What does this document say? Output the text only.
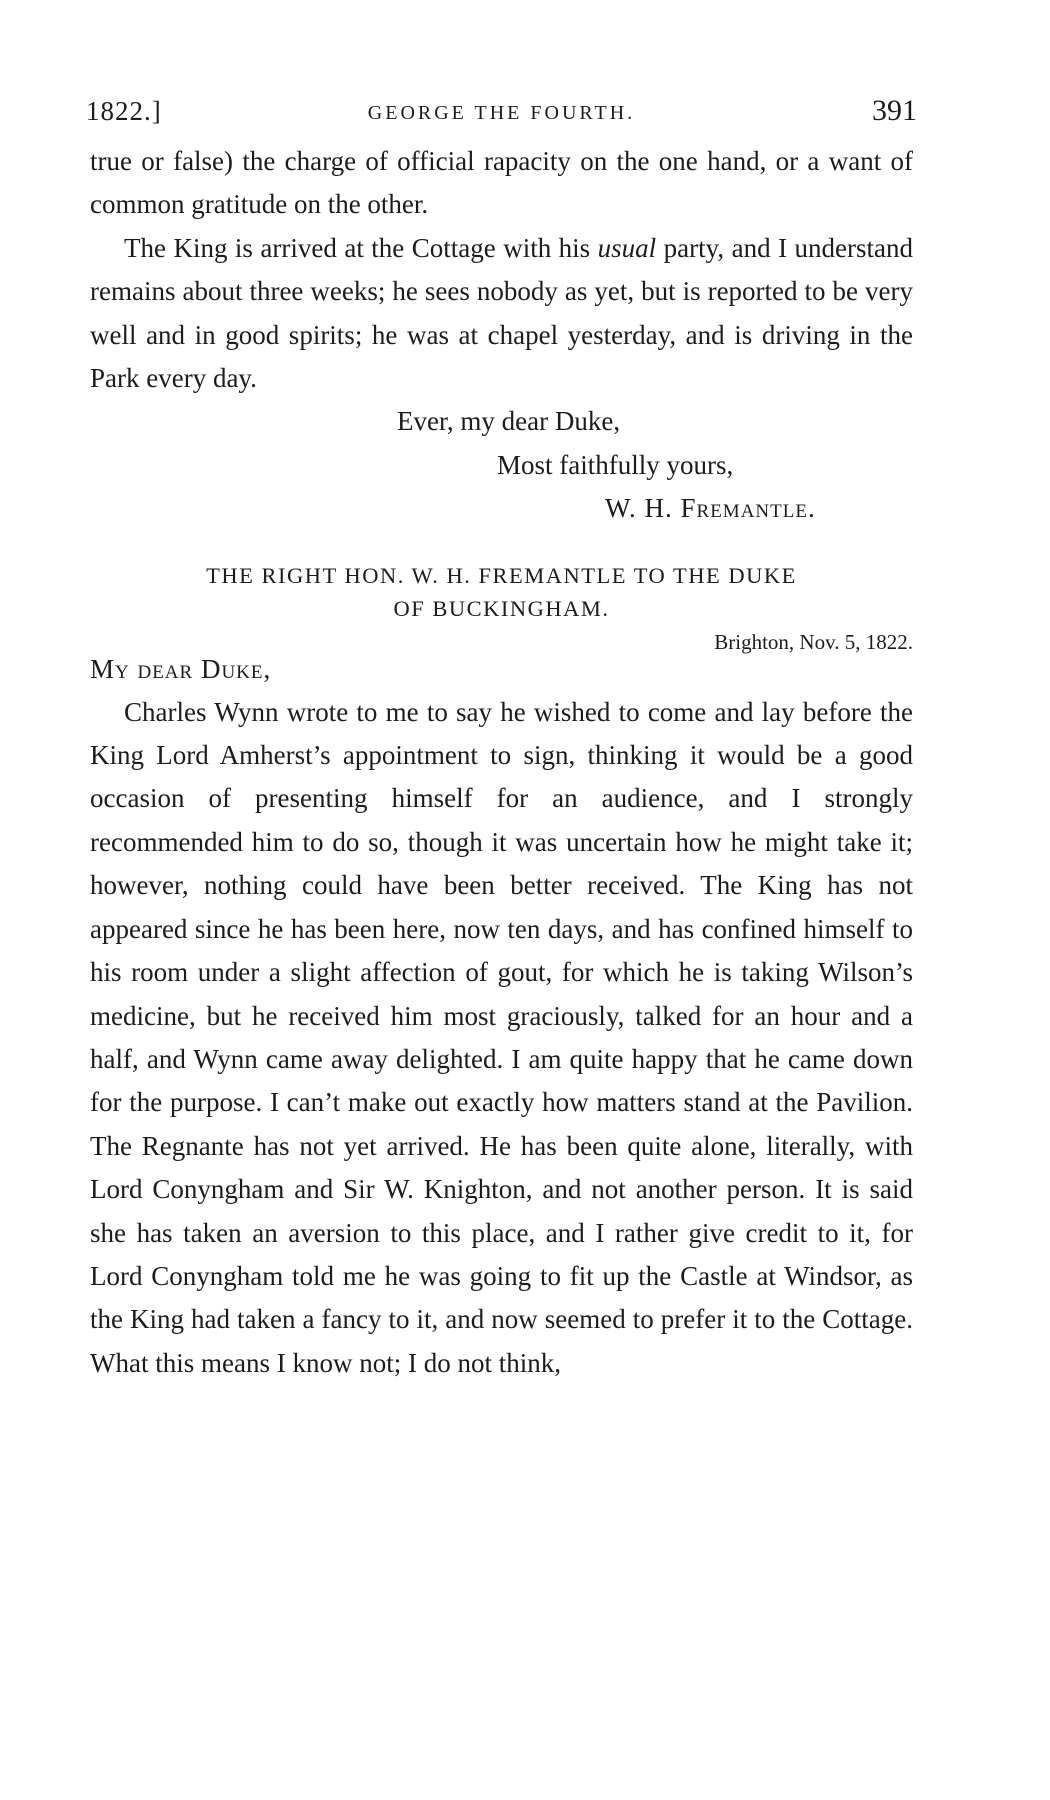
1822.]	GEORGE THE FOURTH.	391

true or false) the charge of official rapacity on the one hand, or a want of common gratitude on the other.

The King is arrived at the Cottage with his usual party, and I understand remains about three weeks; he sees nobody as yet, but is reported to be very well and in good spirits; he was at chapel yesterday, and is driving in the Park every day.

Ever, my dear Duke,

Most faithfully yours,

W. H. Fremantle.

THE RIGHT HON. W. H. FREMANTLE TO THE DUKE
OF BUCKINGHAM.
Brighton, Nov. 5, 1822.
My dear Duke,

Charles Wynn wrote to me to say he wished to come and lay before the King Lord Amherst’s appointment to sign, thinking it would be a good occasion of presenting himself for an audience, and I strongly recommended him to do so, though it was uncertain how he might take it; however, nothing could have been better received. The King has not appeared since he has been here, now ten days, and has confined himself to his room under a slight affection of gout, for which he is taking Wilson’s medicine, but he received him most graciously, talked for an hour and a half, and Wynn came away delighted. I am quite happy that he came down for the purpose. I can’t make out exactly how matters stand at the Pavilion. The Regnante has not yet arrived. He has been quite alone, literally, with Lord Conyngham and Sir W. Knighton, and not another person. It is said she has taken an aversion to this place, and I rather give credit to it, for Lord Conyngham told me he was going to fit up the Castle at Windsor, as the King had taken a fancy to it, and now seemed to prefer it to the Cottage. What this means I know not; I do not think,
